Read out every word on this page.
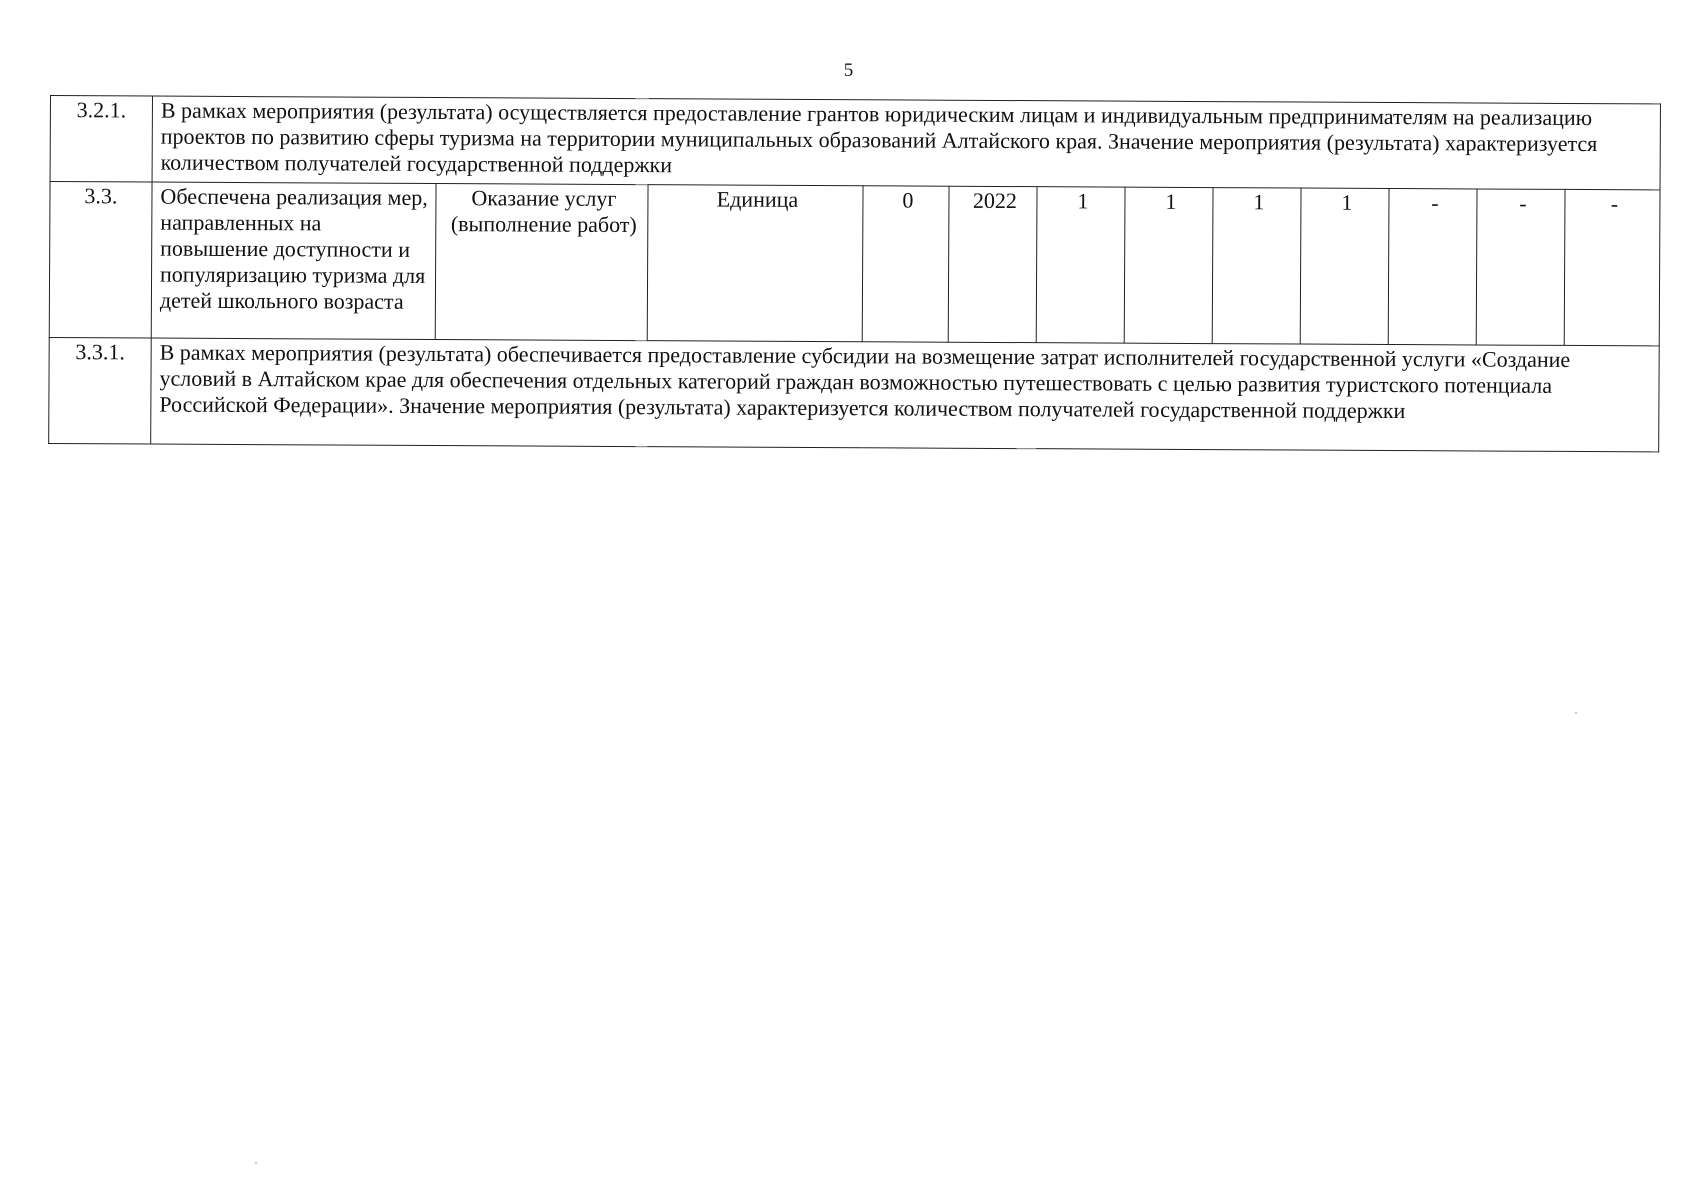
5
3.2.1.	В рамках мероприятия (результата) осуществляется предоставление грантов юридическим лицам и индивидуальным предпринимателям на реализацию проектов по развитию сферы туризма на территории муниципальных образований Алтайского края. Значение мероприятия (результата) характеризуется количеством получателей государственной поддержки											
3.3.	Обеспечена реализация мер, направленных на повышение доступности и популяризацию туризма для детей школьного возраста	Оказание услуг (выполнение работ)	Единица	0	2022	1	1	1	1	-	-	-
3.3.1.	В рамках мероприятия (результата) обеспечивается предоставление субсидии на возмещение затрат исполнителей государственной услуги «Создание условий в Алтайском крае для обеспечения отдельных категорий граждан возможностью путешествовать с целью развития туристского потенциала Российской Федерации». Значение мероприятия (результата) характеризуется количеством получателей государственной поддержки											
